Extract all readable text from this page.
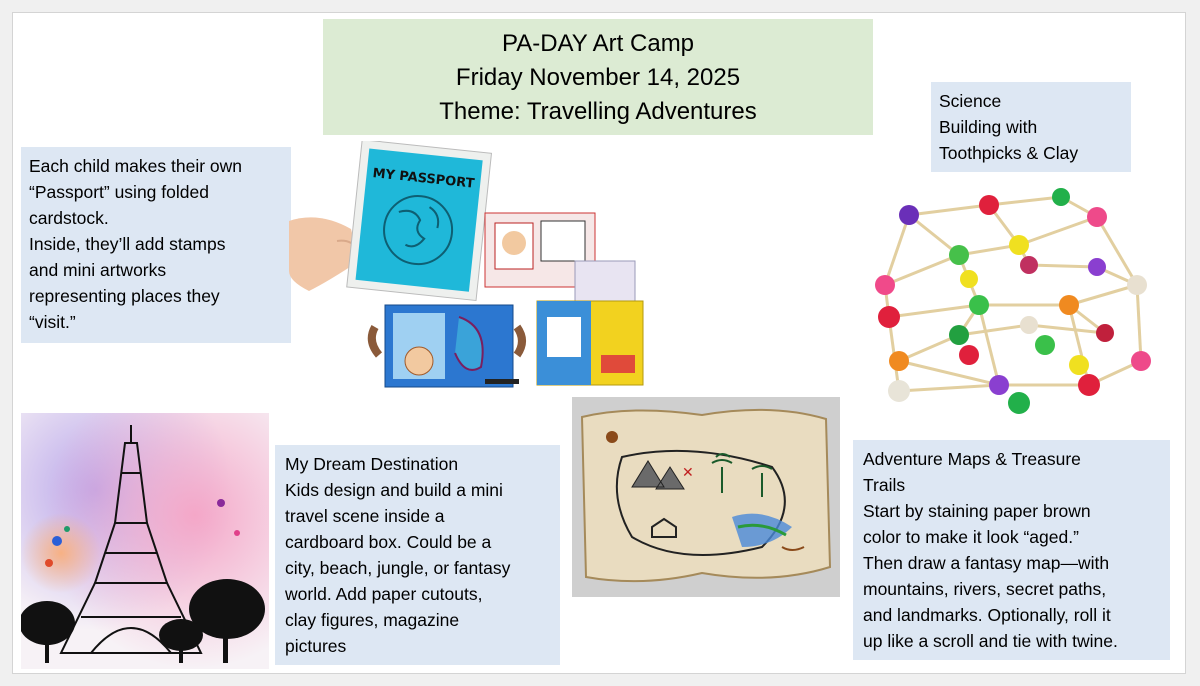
PA-DAY Art Camp
Friday November 14, 2025
Theme: Travelling Adventures
Each child makes their own
“Passport” using folded
cardstock.
Inside, they’ll add stamps
and mini artworks
representing places they
“visit.”
MY PASSPORT
Science
Building with
Toothpicks & Clay
My Dream Destination
Kids design and build a mini
travel scene inside a
cardboard box. Could be a
city, beach, jungle, or fantasy
world. Add paper cutouts,
clay figures, magazine
pictures
✕
Adventure Maps & Treasure
Trails
Start by staining paper brown
color to make it look “aged.”
Then draw a fantasy map—with
mountains, rivers, secret paths,
and landmarks. Optionally, roll it
up like a scroll and tie with twine.
